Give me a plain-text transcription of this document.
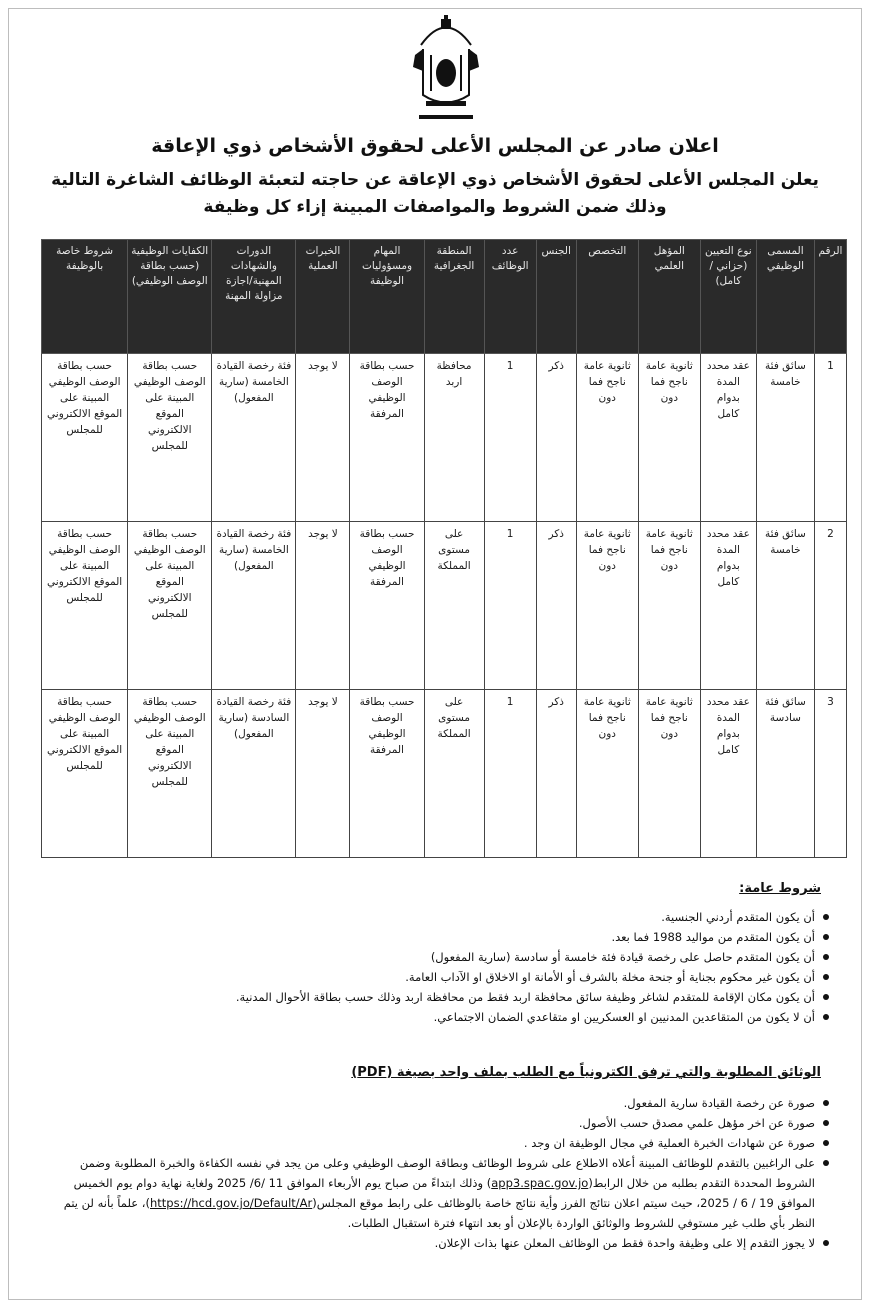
اعلان صادر عن المجلس الأعلى لحقوق الأشخاص ذوي الإعاقة
يعلن المجلس الأعلى لحقوق الأشخاص ذوي الإعاقة عن حاجته لتعبئة الوظائف الشاغرة التالية وذلك ضمن الشروط والمواصفات المبينة إزاء كل وظيفة
الرقم	المسمى الوظيفي	نوع التعيين (حزاني / كامل)	المؤهل العلمي	التخصص	الجنس	عدد الوظائف	المنطقة الجغرافية	المهام ومسؤوليات الوظيفة	الخبرات العملية	الدورات والشهادات المهنية/اجازة مزاولة المهنة	الكفايات الوظيفية (حسب بطاقة الوصف الوظيفي)	شروط خاصة بالوظيفة
1	سائق فئة خامسة	عقد محدد المدة بدوام كامل	ثانوية عامة ناجح فما دون	ثانوية عامة ناجح فما دون	ذكر	1	محافظة اربد	حسب بطاقة الوصف الوظيفي المرفقة	لا يوجد	فئة رخصة القيادة الخامسة (سارية المفعول)	حسب بطاقة الوصف الوظيفي المبينة على الموقع الالكتروني للمجلس	حسب بطاقة الوصف الوظيفي المبينة على الموقع الالكتروني للمجلس
2	سائق فئة خامسة	عقد محدد المدة بدوام كامل	ثانوية عامة ناجح فما دون	ثانوية عامة ناجح فما دون	ذكر	1	على مستوى المملكة	حسب بطاقة الوصف الوظيفي المرفقة	لا يوجد	فئة رخصة القيادة الخامسة (سارية المفعول)	حسب بطاقة الوصف الوظيفي المبينة على الموقع الالكتروني للمجلس	حسب بطاقة الوصف الوظيفي المبينة على الموقع الالكتروني للمجلس
3	سائق فئة سادسة	عقد محدد المدة بدوام كامل	ثانوية عامة ناجح فما دون	ثانوية عامة ناجح فما دون	ذكر	1	على مستوى المملكة	حسب بطاقة الوصف الوظيفي المرفقة	لا يوجد	فئة رخصة القيادة السادسة (سارية المفعول)	حسب بطاقة الوصف الوظيفي المبينة على الموقع الالكتروني للمجلس	حسب بطاقة الوصف الوظيفي المبينة على الموقع الالكتروني للمجلس
شروط عامة:
أن يكون المتقدم أردني الجنسية.
أن يكون المتقدم من مواليد 1988 فما بعد.
أن يكون المتقدم حاصل على رخصة قيادة فئة خامسة أو سادسة (سارية المفعول)
أن يكون غير محكوم بجناية أو جنحة مخلة بالشرف أو الأمانة او الاخلاق او الآداب العامة.
أن يكون مكان الإقامة للمتقدم لشاغر وظيفة سائق محافظة اربد فقط من محافظة اربد وذلك حسب بطاقة الأحوال المدنية.
أن لا يكون من المتقاعدين المدنيين او العسكريين او متقاعدي الضمان الاجتماعي.
الوثائق المطلوبة والتي ترفق الكترونياً مع الطلب بملف واحد بصيغة (PDF)
صورة عن رخصة القيادة سارية المفعول.
صورة عن اخر مؤهل علمي مصدق حسب الأصول.
صورة عن شهادات الخبرة العملية في مجال الوظيفة ان وجد .
على الراغبين بالتقدم للوظائف المبينة أعلاه الاطلاع على شروط الوظائف وبطاقة الوصف الوظيفي وعلى من يجد في نفسه الكفاءة والخبرة المطلوبة وضمن الشروط المحددة التقدم بطلبه من خلال الرابط(app3.spac.gov.jo) وذلك ابتداءً من صباح يوم الأربعاء الموافق 11 /6/ 2025 ولغاية نهاية دوام يوم الخميس الموافق 19 / 6 / 2025، حيث سيتم اعلان نتائج الفرز وأية نتائج خاصة بالوظائف على رابط موقع المجلس(https://hcd.gov.jo/Default/Ar)، علماً بأنه لن يتم النظر بأي طلب غير مستوفي للشروط والوثائق الواردة بالإعلان أو بعد انتهاء فترة استقبال الطلبات.
لا يجوز التقدم إلا على وظيفة واحدة فقط من الوظائف المعلن عنها بذات الإعلان.
